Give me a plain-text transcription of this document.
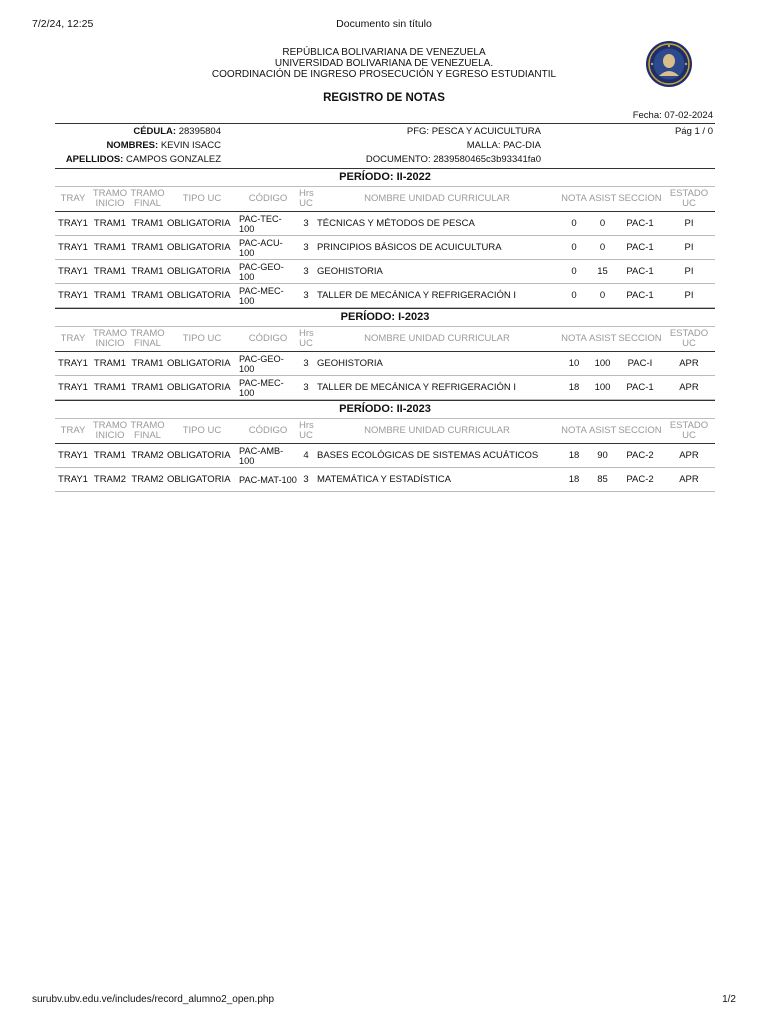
7/2/24, 12:25	Documento sin título
REPÚBLICA BOLIVARIANA DE VENEZUELA
UNIVERSIDAD BOLIVARIANA DE VENEZUELA.
COORDINACIÓN DE INGRESO PROSECUCIÓN Y EGRESO ESTUDIANTIL
REGISTRO DE NOTAS
Fecha: 07-02-2024
CÉDULA: 28395804
NOMBRES: KEVIN ISACC
APELLIDOS: CAMPOS GONZALEZ
PFG: PESCA Y ACUICULTURA
MALLA: PAC-DIA
DOCUMENTO: 2839580465c3b93341fa0
Pág 1 / 0
PERÍODO: II-2022
TRAY	TRAMO INICIO	TRAMO FINAL	TIPO UC	CÓDIGO	Hrs UC	NOMBRE UNIDAD CURRICULAR	NOTA	ASIST	SECCION	ESTADO UC
TRAY1	TRAM1	TRAM1	OBLIGATORIA	PAC-TEC-100	3	TÉCNICAS Y MÉTODOS DE PESCA	0	0	PAC-1	PI
TRAY1	TRAM1	TRAM1	OBLIGATORIA	PAC-ACU-100	3	PRINCIPIOS BÁSICOS DE ACUICULTURA	0	0	PAC-1	PI
TRAY1	TRAM1	TRAM1	OBLIGATORIA	PAC-GEO-100	3	GEOHISTORIA	0	15	PAC-1	PI
TRAY1	TRAM1	TRAM1	OBLIGATORIA	PAC-MEC-100	3	TALLER DE MECÁNICA Y REFRIGERACIÓN I	0	0	PAC-1	PI
PERÍODO: I-2023
TRAY	TRAMO INICIO	TRAMO FINAL	TIPO UC	CÓDIGO	Hrs UC	NOMBRE UNIDAD CURRICULAR	NOTA	ASIST	SECCION	ESTADO UC
TRAY1	TRAM1	TRAM1	OBLIGATORIA	PAC-GEO-100	3	GEOHISTORIA	10	100	PAC-I	APR
TRAY1	TRAM1	TRAM1	OBLIGATORIA	PAC-MEC-100	3	TALLER DE MECÁNICA Y REFRIGERACIÓN I	18	100	PAC-1	APR
PERÍODO: II-2023
TRAY	TRAMO INICIO	TRAMO FINAL	TIPO UC	CÓDIGO	Hrs UC	NOMBRE UNIDAD CURRICULAR	NOTA	ASIST	SECCION	ESTADO UC
TRAY1	TRAM1	TRAM2	OBLIGATORIA	PAC-AMB-100	4	BASES ECOLÓGICAS DE SISTEMAS ACUÁTICOS	18	90	PAC-2	APR
TRAY1	TRAM2	TRAM2	OBLIGATORIA	PAC-MAT-100	3	MATEMÁTICA Y ESTADÍSTICA	18	85	PAC-2	APR
surubv.ubv.edu.ve/includes/record_alumno2_open.php	1/2
